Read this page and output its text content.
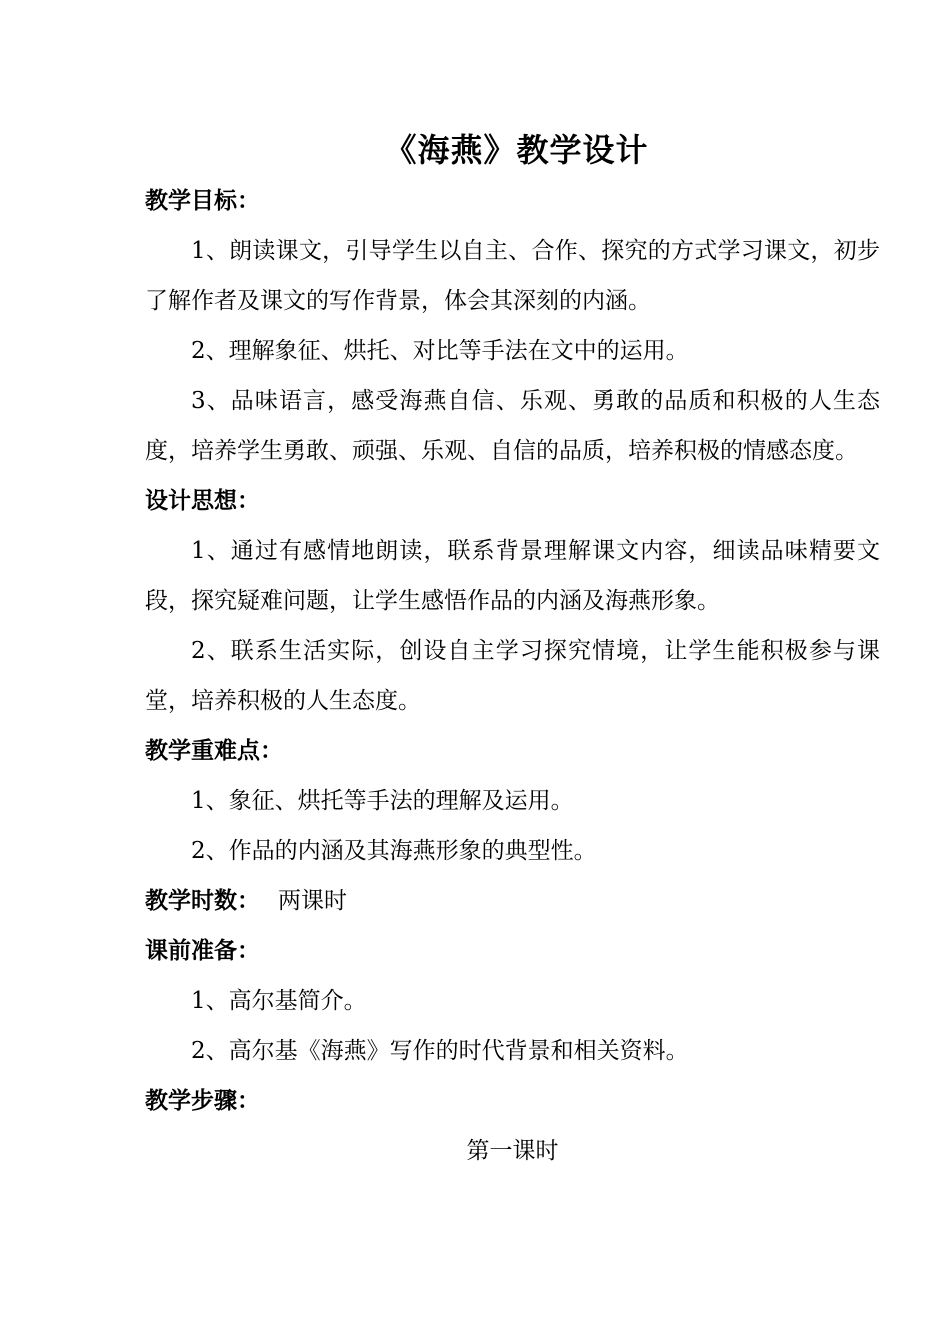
《海燕》教学设计
教学目标：

1、朗读课文，引导学生以自主、合作、探究的方式学习课文，初步了解作者及课文的写作背景，体会其深刻的内涵。

2、理解象征、烘托、对比等手法在文中的运用。

3、品味语言，感受海燕自信、乐观、勇敢的品质和积极的人生态度，培养学生勇敢、顽强、乐观、自信的品质，培养积极的情感态度。

设计思想：

1、通过有感情地朗读，联系背景理解课文内容，细读品味精要文段，探究疑难问题，让学生感悟作品的内涵及海燕形象。

2、联系生活实际，创设自主学习探究情境，让学生能积极参与课堂，培养积极的人生态度。

教学重难点：

1、象征、烘托等手法的理解及运用。

2、作品的内涵及其海燕形象的典型性。

教学时数： 两课时
课前准备：

1、高尔基简介。

2、高尔基《海燕》写作的时代背景和相关资料。

教学步骤：

第一课时
